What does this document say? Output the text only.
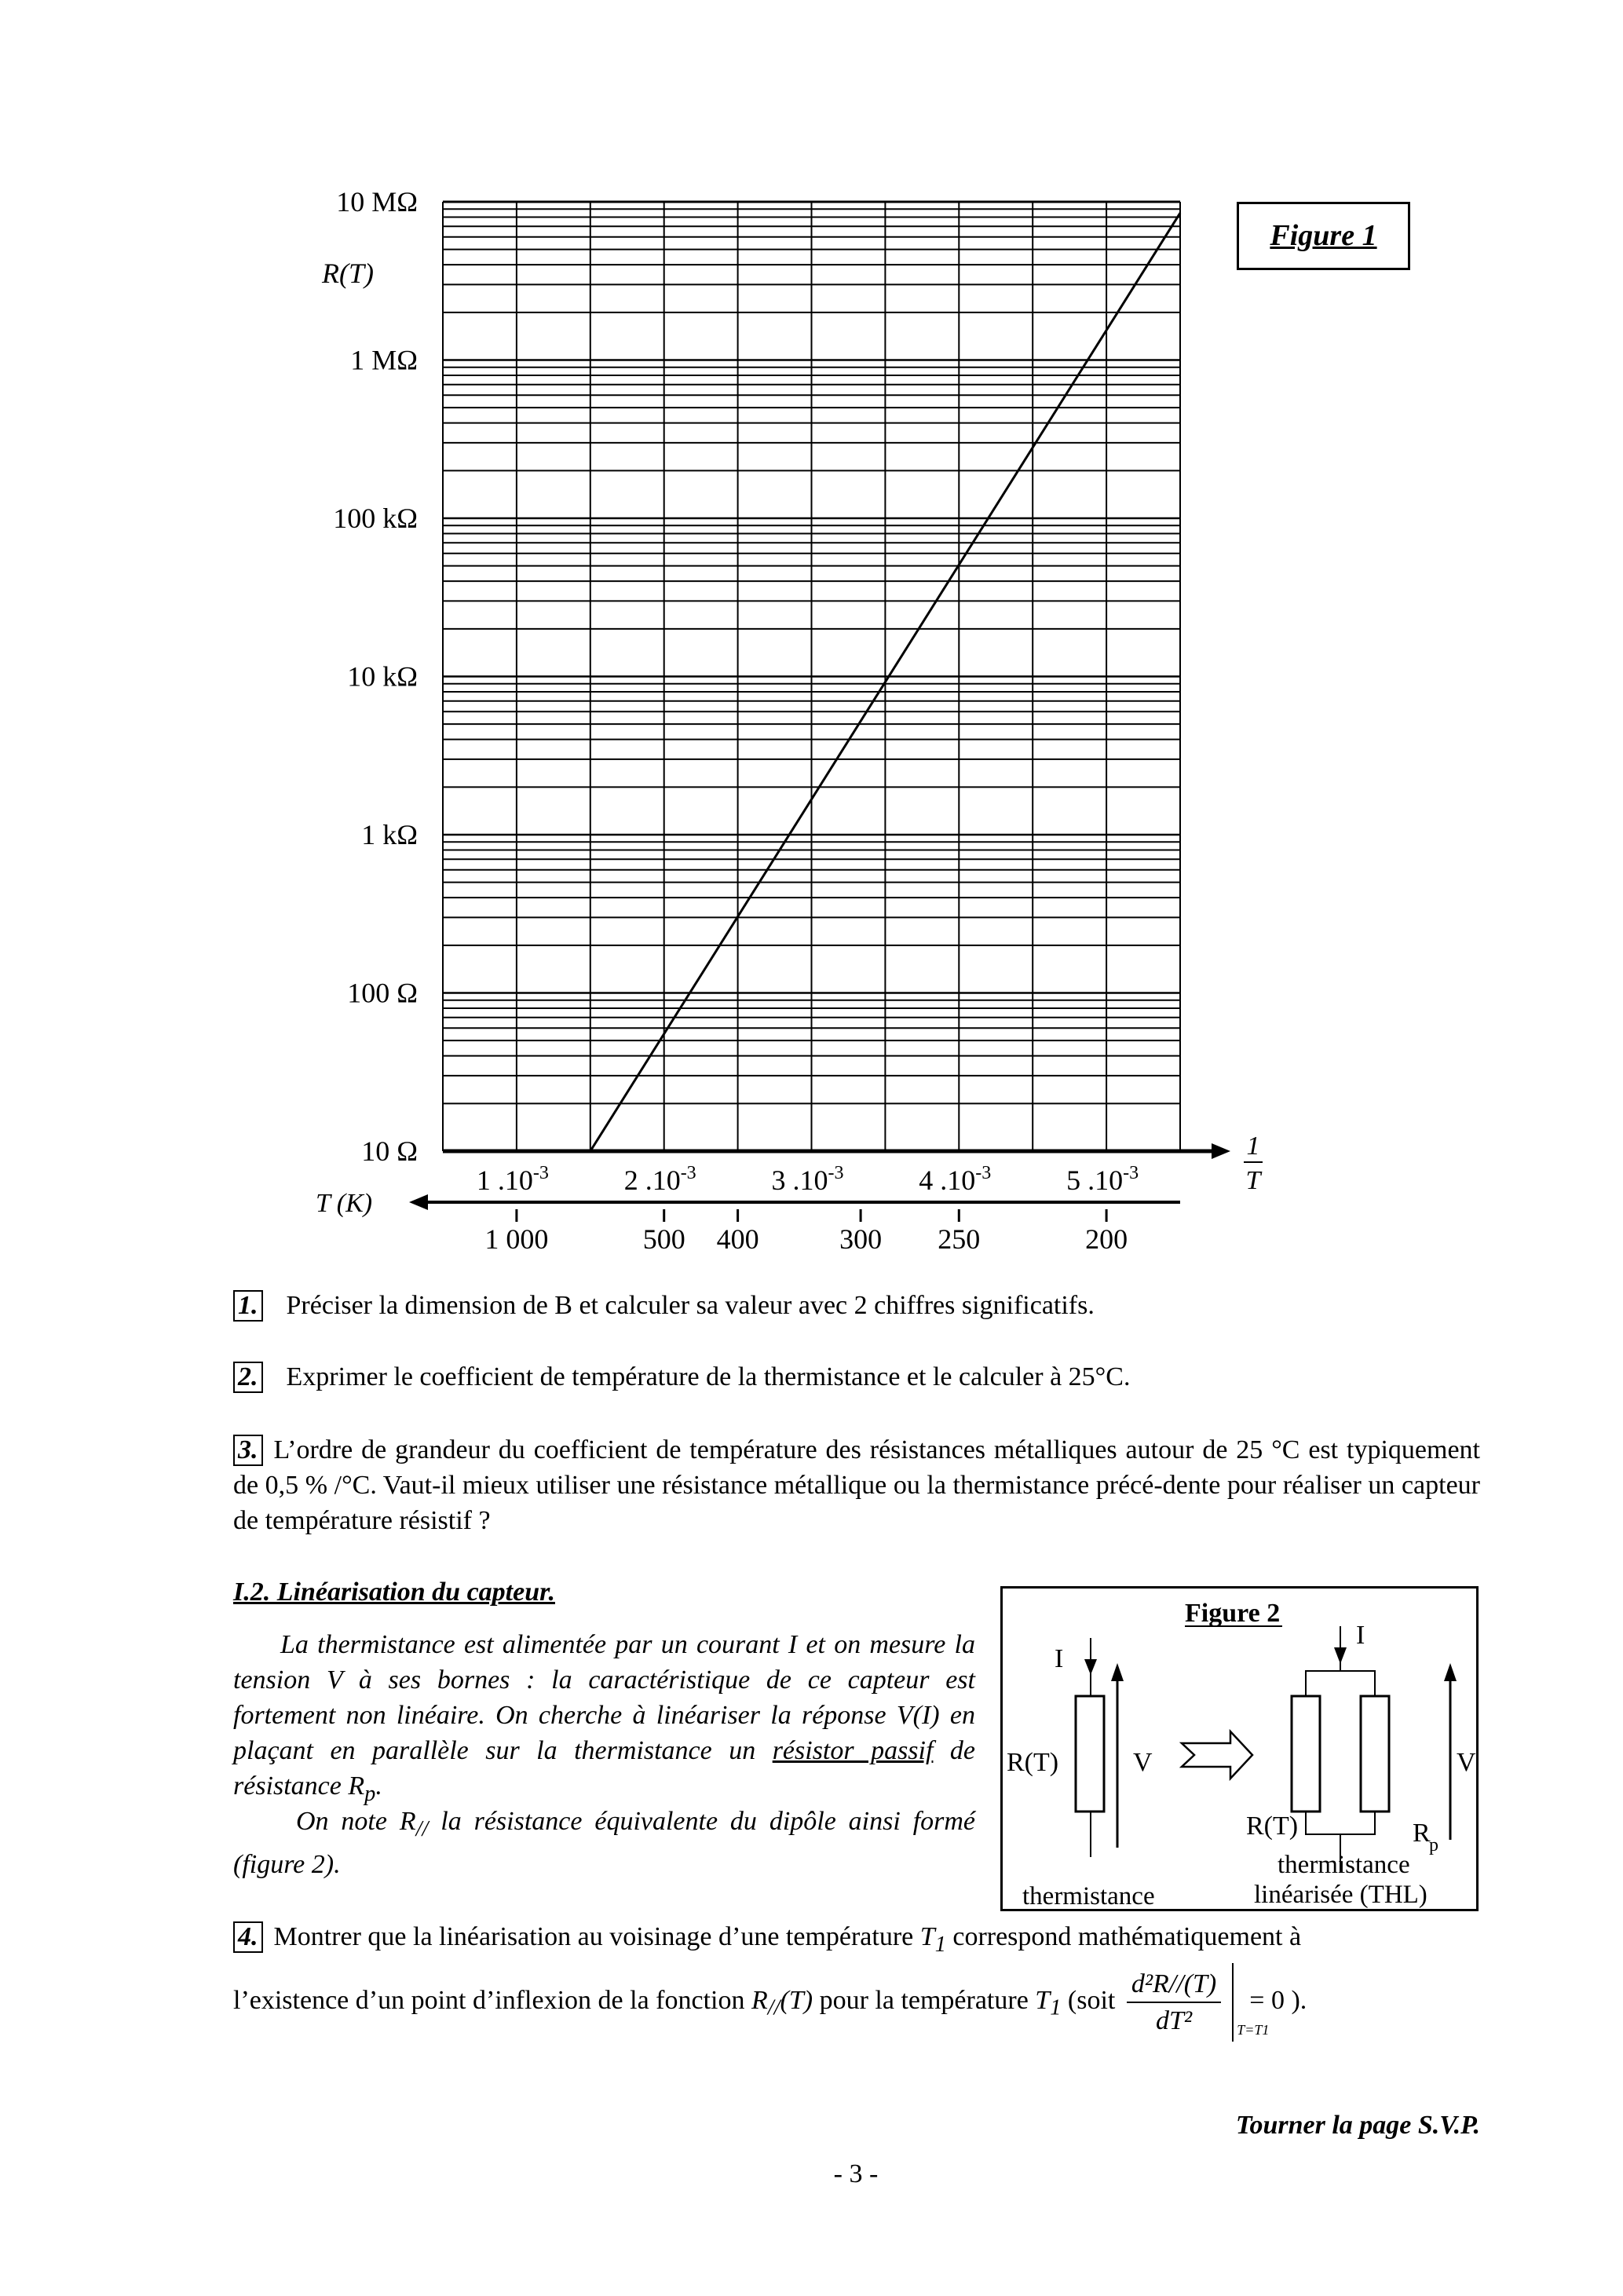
10 MΩ
1 MΩ
100 kΩ
10 kΩ
1 kΩ
100 Ω
10 Ω
R(T)
1 $.10^{-3}$	2 $.10^{-3}$	3 $.10^{-3}$	4 $.10^{-3}$	5 $.10^{-3}$
1 000	500 400	300 250	200
T (K)
1
T
Figure 1
1. Préciser la dimension de B et calculer sa valeur avec 2 chiffres significatifs.
2. Exprimer le coefficient de température de la thermistance et le calculer à 25°C.
3. L’ordre de grandeur du coefficient de température des résistances métalliques autour de 25 °C est typiquement de 0,5 % /°C. Vaut-il mieux utiliser une résistance métallique ou la thermistance précé-dente pour réaliser un capteur de température résistif ?
I.2. Linéarisation du capteur.
La thermistance est alimentée par un courant I et on mesure la tension V à ses bornes : la caractéristique de ce capteur est fortement non linéaire. On cherche à linéariser la réponse V(I) en plaçant en parallèle sur la thermistance un résistor passif de résistance $R_p$.
On note $R_{//}$ la résistance équivalente du dipôle ainsi formé (figure 2).
Figure 2
I
R(T)	V
thermistance
I
R(T)	R
p
V
thermistance
linéarisée (THL)
4. Montrer que la linéarisation au voisinage d’une température $T_1$ correspond mathématiquement à
l’existence d’un point d’inflexion de la fonction $R_{//}(T)$ pour la température $T_1$ (soit $\frac{\text{d²R//(T)}}{\text{dT²}} T=T1$
= 0 ).
Tourner la page S.V.P.
- 3 -
